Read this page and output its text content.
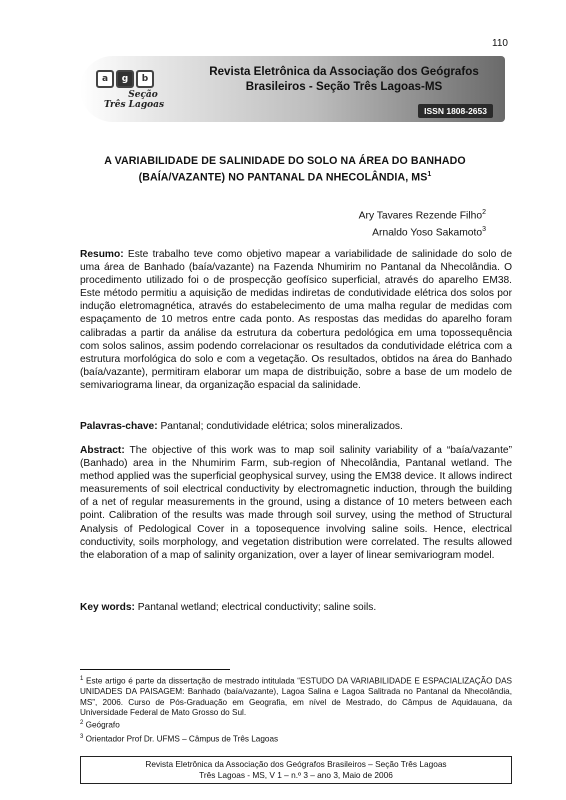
110
a	g	b
Seção
Três Lagoas
Revista Eletrônica da Associação dos Geógrafos
Brasileiros - Seção Três Lagoas-MS
ISSN 1808-2653
A VARIABILIDADE DE SALINIDADE DO SOLO NA ÁREA DO BANHADO
(BAÍA/VAZANTE) NO PANTANAL DA NHECOLÂNDIA, $MS^1$
Ary Tavares Rezende Filho$^2$
Arnaldo Yoso Sakamoto$^3$
Resumo: Este trabalho teve como objetivo mapear a variabilidade de salinidade do solo de uma área de Banhado (baía/vazante) na Fazenda Nhumirim no Pantanal da Nhecolândia. O procedimento utilizado foi o de prospecção geofísico superficial, através do aparelho EM38. Este método permitiu a aquisição de medidas indiretas de condutividade elétrica dos solos por indução eletromagnética, através do estabelecimento de uma malha regular de medidas com espaçamento de 10 metros entre cada ponto. As respostas das medidas do aparelho foram calibradas a partir da análise da estrutura da cobertura pedológica em uma topossequência com solos salinos, assim podendo correlacionar os resultados da condutividade elétrica com a estrutura morfológica do solo e com a vegetação. Os resultados, obtidos na área do Banhado (baía/vazante), permitiram elaborar um mapa de distribuição, sobre a base de um modelo de semivariograma linear, da organização espacial da salinidade.
Palavras-chave: Pantanal; condutividade elétrica; solos mineralizados.
Abstract: The objective of this work was to map soil salinity variability of a “baía/vazante” (Banhado) area in the Nhumirim Farm, sub-region of Nhecolândia, Pantanal wetland. The method applied was the superficial geophysical survey, using the EM38 device. It allows indirect measurements of soil electrical conductivity by electromagnetic induction, through the building of a net of regular measurements in the ground, using a distance of 10 meters between each point. Calibration of the results was made through soil survey, using the method of Structural Analysis of Pedological Cover in a toposequence involving saline soils. Hence, electrical conductivity, soils morphology, and vegetation distribution were correlated. The results allowed the elaboration of a map of salinity organization, over a layer of linear semivariogram model.
Key words: Pantanal wetland; electrical conductivity; saline soils.
$^1$ Este artigo é parte da dissertação de mestrado intitulada “ESTUDO DA VARIABILIDADE E ESPACIALIZAÇÃO DAS UNIDADES DA PAISAGEM: Banhado (baía/vazante), Lagoa Salina e Lagoa Salitrada no Pantanal da Nhecolândia, MS”, 2006. Curso de Pós-Graduação em Geografia, em nível de Mestrado, do Câmpus de Aquidauana, da Universidade Federal de Mato Grosso do Sul.
$^2$ Geógrafo
$^3$ Orientador Prof Dr. UFMS – Câmpus de Três Lagoas
Revista Eletrônica da Associação dos Geógrafos Brasileiros – Seção Três Lagoas
Três Lagoas - MS, V 1 – n.º 3 – ano 3, Maio de 2006
